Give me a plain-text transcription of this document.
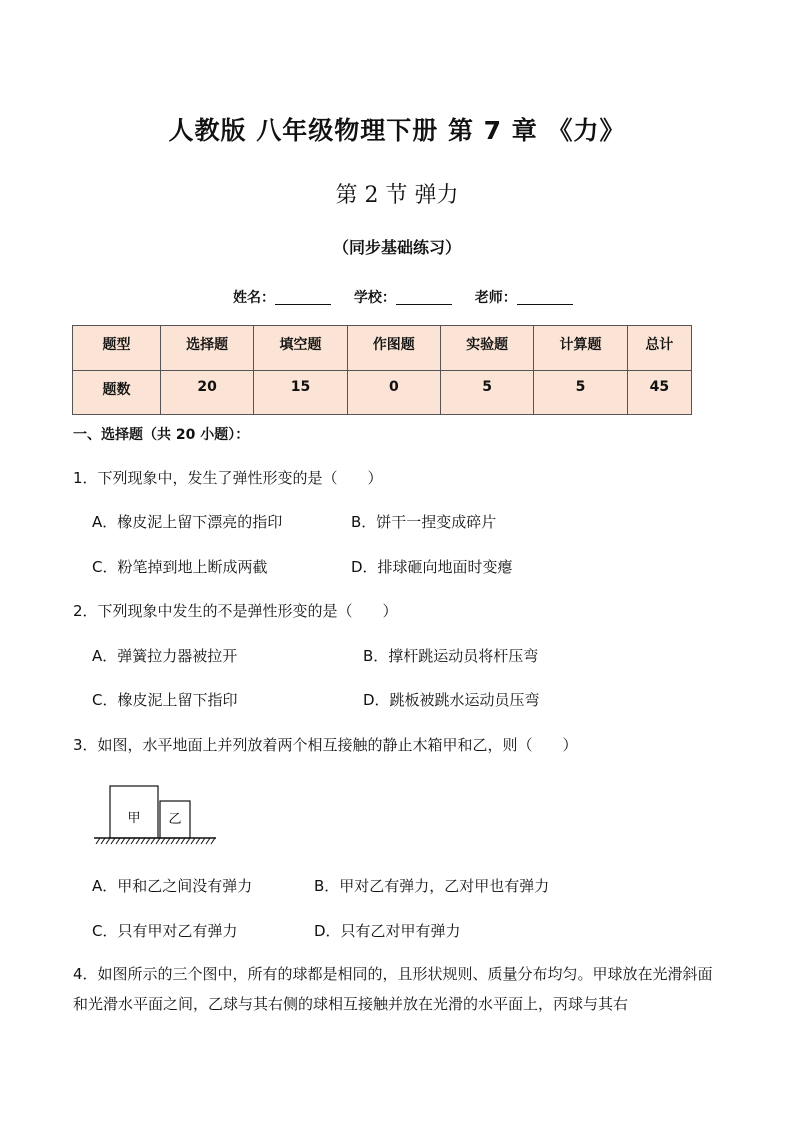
人教版 八年级物理下册 第 7 章 《力》
第 2 节 弹力
（同步基础练习）
姓名：	学校：	老师：
题型	选择题	填空题	作图题	实验题	计算题	总计
题数	20	15	0	5	5	45
一、选择题（共 20 小题）：
1．下列现象中，发生了弹性形变的是（　　）
A．橡皮泥上留下漂亮的指印	B．饼干一捏变成碎片
C．粉笔掉到地上断成两截	D．排球砸向地面时变瘪
2．下列现象中发生的不是弹性形变的是（　　）
A．弹簧拉力器被拉开	B．撑杆跳运动员将杆压弯
C．橡皮泥上留下指印	D．跳板被跳水运动员压弯
3．如图，水平地面上并列放着两个相互接触的静止木箱甲和乙，则（　　）
甲 乙
A．甲和乙之间没有弹力	B．甲对乙有弹力，乙对甲也有弹力
C．只有甲对乙有弹力	D．只有乙对甲有弹力
4．如图所示的三个图中，所有的球都是相同的，且形状规则、质量分布均匀。甲球放在光滑斜面和光滑水平面之间，乙球与其右侧的球相互接触并放在光滑的水平面上，丙球与其右
